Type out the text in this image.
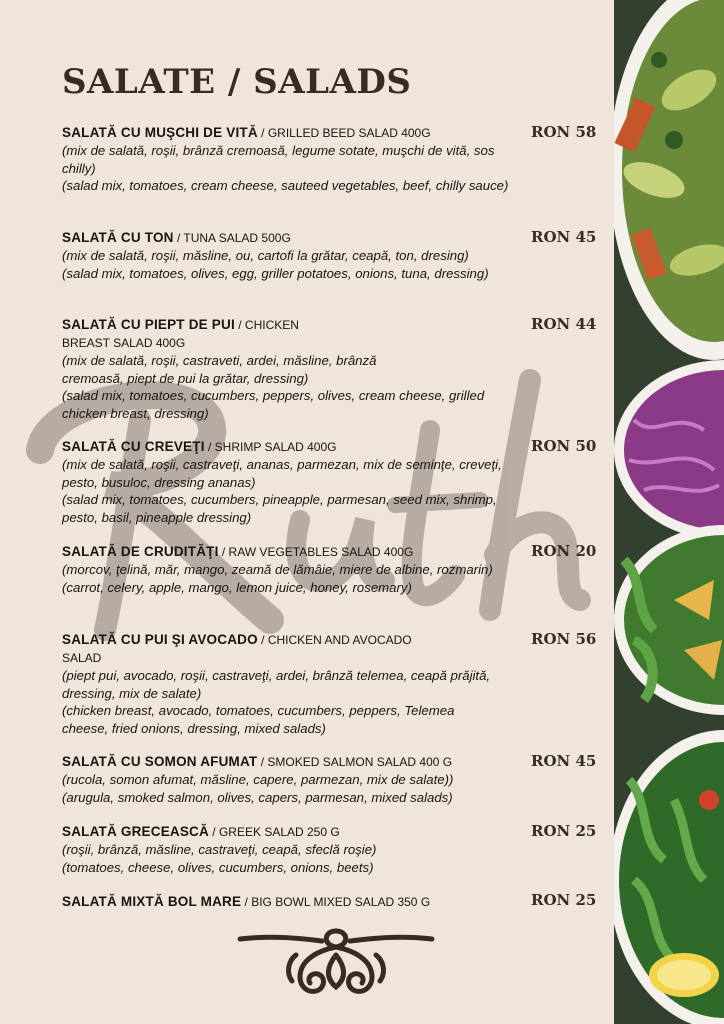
SALATE / SALADS
SALATĂ CU MUŞCHI DE VITĂ / GRILLED BEED SALAD 400G
(mix de salată, roşii, brânză cremoasă, legume sotate, muşchi de vită, sos chilly)
(salad mix, tomatoes, cream cheese, sauteed vegetables, beef, chilly sauce)
RON 58
SALATĂ CU TON / TUNA SALAD 500G
(mix de salată, roşii, măsline, ou, cartofi la grătar, ceapă, ton, dresing)
(salad mix, tomatoes, olives, egg, griller potatoes, onions, tuna, dressing)
RON 45
SALATĂ CU PIEPT DE PUI / CHICKEN BREAST SALAD 400G
(mix de salată, roşii, castraveti, ardei, măsline, brânză cremoasă, piept de pui la grătar, dressing)
(salad mix, tomatoes, cucumbers, peppers, olives, cream cheese, grilled chicken breast, dressing)
RON 44
SALATĂ CU CREVEŢI / SHRIMP SALAD 400G
(mix de salată, roşii, castraveţi, ananas, parmezan, mix de seminţe, creveţi, pesto, busuloc, dressing ananas)
(salad mix, tomatoes, cucumbers, pineapple, parmesan, seed mix, shrimp, pesto, basil, pineapple dressing)
RON 50
SALATĂ DE CRUDITĂŢI / RAW VEGETABLES SALAD 400G
(morcov, ţelină, măr, mango, zeamă de lămâie, miere de albine, rozmarin)
(carrot, celery, apple, mango, lemon juice, honey, rosemary)
RON 20
SALATĂ CU PUI ŞI AVOCADO / CHICKEN AND AVOCADO SALAD
(piept pui, avocado, roşii, castraveţi, ardei, brânză telemea, ceapă prăjită, dressing, mix de salate)
(chicken breast, avocado, tomatoes, cucumbers, peppers, Telemea cheese, fried onions, dressing, mixed salads)
RON 56
SALATĂ CU SOMON AFUMAT / SMOKED SALMON SALAD 400 G
(rucola, somon afumat, măsline, capere, parmezan, mix de salate))
(arugula, smoked salmon, olives, capers, parmesan, mixed salads)
RON 45
SALATĂ GRECEASCĂ / GREEK SALAD 250 G
(roşii, brânză, măsline, castraveţi, ceapă, sfeclă roşie)
(tomatoes, cheese, olives, cucumbers, onions, beets)
RON 25
SALATĂ MIXTĂ BOL MARE / BIG BOWL MIXED SALAD 350 G	RON 25
